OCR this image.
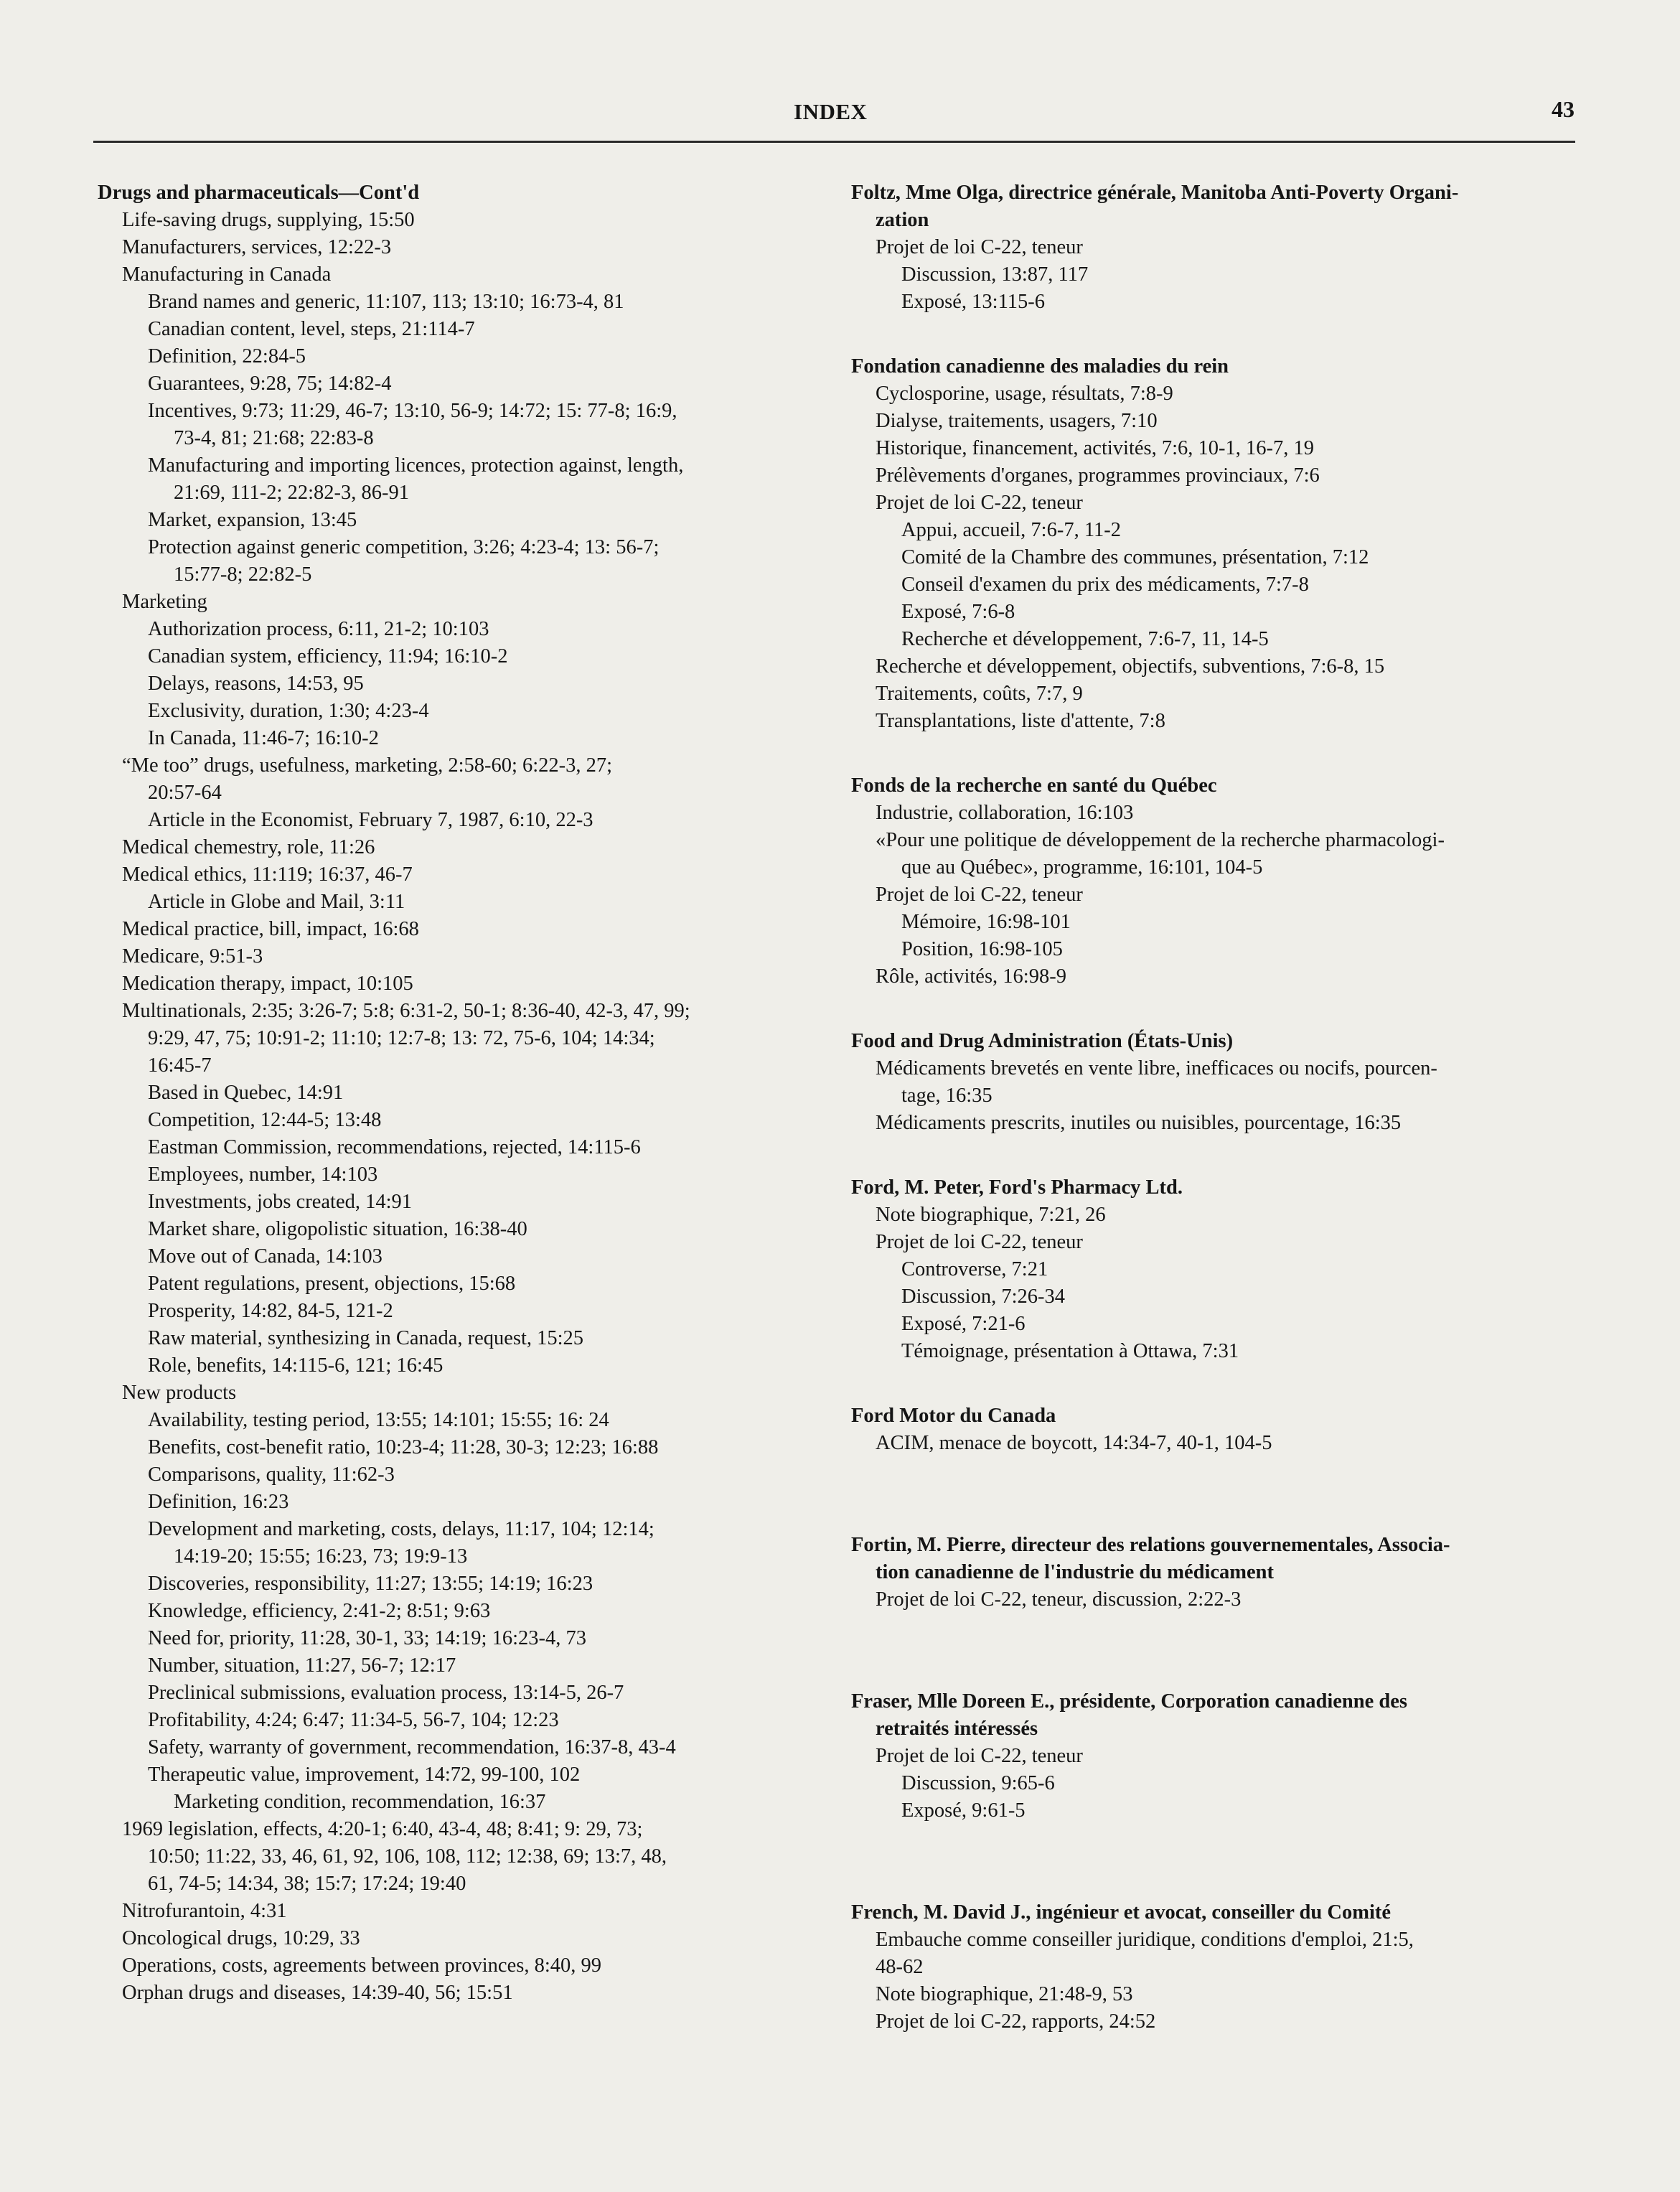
INDEX	43
Drugs and pharmaceuticals—Cont'd
Life-saving drugs, supplying, 15:50
Manufacturers, services, 12:22-3
Manufacturing in Canada
Brand names and generic, 11:107, 113; 13:10; 16:73-4, 81
Canadian content, level, steps, 21:114-7
Definition, 22:84-5
Guarantees, 9:28, 75; 14:82-4
Incentives, 9:73; 11:29, 46-7; 13:10, 56-9; 14:72; 15: 77-8; 16:9,
73-4, 81; 21:68; 22:83-8
Manufacturing and importing licences, protection against, length,
21:69, 111-2; 22:82-3, 86-91
Market, expansion, 13:45
Protection against generic competition, 3:26; 4:23-4; 13: 56-7;
15:77-8; 22:82-5
Marketing
Authorization process, 6:11, 21-2; 10:103
Canadian system, efficiency, 11:94; 16:10-2
Delays, reasons, 14:53, 95
Exclusivity, duration, 1:30; 4:23-4
In Canada, 11:46-7; 16:10-2
“Me too” drugs, usefulness, marketing, 2:58-60; 6:22-3, 27;
20:57-64
Article in the Economist, February 7, 1987, 6:10, 22-3
Medical chemestry, role, 11:26
Medical ethics, 11:119; 16:37, 46-7
Article in Globe and Mail, 3:11
Medical practice, bill, impact, 16:68
Medicare, 9:51-3
Medication therapy, impact, 10:105
Multinationals, 2:35; 3:26-7; 5:8; 6:31-2, 50-1; 8:36-40, 42-3, 47, 99;
9:29, 47, 75; 10:91-2; 11:10; 12:7-8; 13: 72, 75-6, 104; 14:34;
16:45-7
Based in Quebec, 14:91
Competition, 12:44-5; 13:48
Eastman Commission, recommendations, rejected, 14:115-6
Employees, number, 14:103
Investments, jobs created, 14:91
Market share, oligopolistic situation, 16:38-40
Move out of Canada, 14:103
Patent regulations, present, objections, 15:68
Prosperity, 14:82, 84-5, 121-2
Raw material, synthesizing in Canada, request, 15:25
Role, benefits, 14:115-6, 121; 16:45
New products
Availability, testing period, 13:55; 14:101; 15:55; 16: 24
Benefits, cost-benefit ratio, 10:23-4; 11:28, 30-3; 12:23; 16:88
Comparisons, quality, 11:62-3
Definition, 16:23
Development and marketing, costs, delays, 11:17, 104; 12:14;
14:19-20; 15:55; 16:23, 73; 19:9-13
Discoveries, responsibility, 11:27; 13:55; 14:19; 16:23
Knowledge, efficiency, 2:41-2; 8:51; 9:63
Need for, priority, 11:28, 30-1, 33; 14:19; 16:23-4, 73
Number, situation, 11:27, 56-7; 12:17
Preclinical submissions, evaluation process, 13:14-5, 26-7
Profitability, 4:24; 6:47; 11:34-5, 56-7, 104; 12:23
Safety, warranty of government, recommendation, 16:37-8, 43-4
Therapeutic value, improvement, 14:72, 99-100, 102
Marketing condition, recommendation, 16:37
1969 legislation, effects, 4:20-1; 6:40, 43-4, 48; 8:41; 9: 29, 73;
10:50; 11:22, 33, 46, 61, 92, 106, 108, 112; 12:38, 69; 13:7, 48,
61, 74-5; 14:34, 38; 15:7; 17:24; 19:40
Nitrofurantoin, 4:31
Oncological drugs, 10:29, 33
Operations, costs, agreements between provinces, 8:40, 99
Orphan drugs and diseases, 14:39-40, 56; 15:51
Foltz, Mme Olga, directrice générale, Manitoba Anti-Poverty Organi-
zation
Projet de loi C-22, teneur
Discussion, 13:87, 117
Exposé, 13:115-6
Fondation canadienne des maladies du rein
Cyclosporine, usage, résultats, 7:8-9
Dialyse, traitements, usagers, 7:10
Historique, financement, activités, 7:6, 10-1, 16-7, 19
Prélèvements d'organes, programmes provinciaux, 7:6
Projet de loi C-22, teneur
Appui, accueil, 7:6-7, 11-2
Comité de la Chambre des communes, présentation, 7:12
Conseil d'examen du prix des médicaments, 7:7-8
Exposé, 7:6-8
Recherche et développement, 7:6-7, 11, 14-5
Recherche et développement, objectifs, subventions, 7:6-8, 15
Traitements, coûts, 7:7, 9
Transplantations, liste d'attente, 7:8
Fonds de la recherche en santé du Québec
Industrie, collaboration, 16:103
«Pour une politique de développement de la recherche pharmacologi-
que au Québec», programme, 16:101, 104-5
Projet de loi C-22, teneur
Mémoire, 16:98-101
Position, 16:98-105
Rôle, activités, 16:98-9
Food and Drug Administration (États-Unis)
Médicaments brevetés en vente libre, inefficaces ou nocifs, pourcen-
tage, 16:35
Médicaments prescrits, inutiles ou nuisibles, pourcentage, 16:35
Ford, M. Peter, Ford's Pharmacy Ltd.
Note biographique, 7:21, 26
Projet de loi C-22, teneur
Controverse, 7:21
Discussion, 7:26-34
Exposé, 7:21-6
Témoignage, présentation à Ottawa, 7:31
Ford Motor du Canada
ACIM, menace de boycott, 14:34-7, 40-1, 104-5
Fortin, M. Pierre, directeur des relations gouvernementales, Associa-
tion canadienne de l'industrie du médicament
Projet de loi C-22, teneur, discussion, 2:22-3
Fraser, Mlle Doreen E., présidente, Corporation canadienne des
retraités intéressés
Projet de loi C-22, teneur
Discussion, 9:65-6
Exposé, 9:61-5
French, M. David J., ingénieur et avocat, conseiller du Comité
Embauche comme conseiller juridique, conditions d'emploi, 21:5,
48-62
Note biographique, 21:48-9, 53
Projet de loi C-22, rapports, 24:52
